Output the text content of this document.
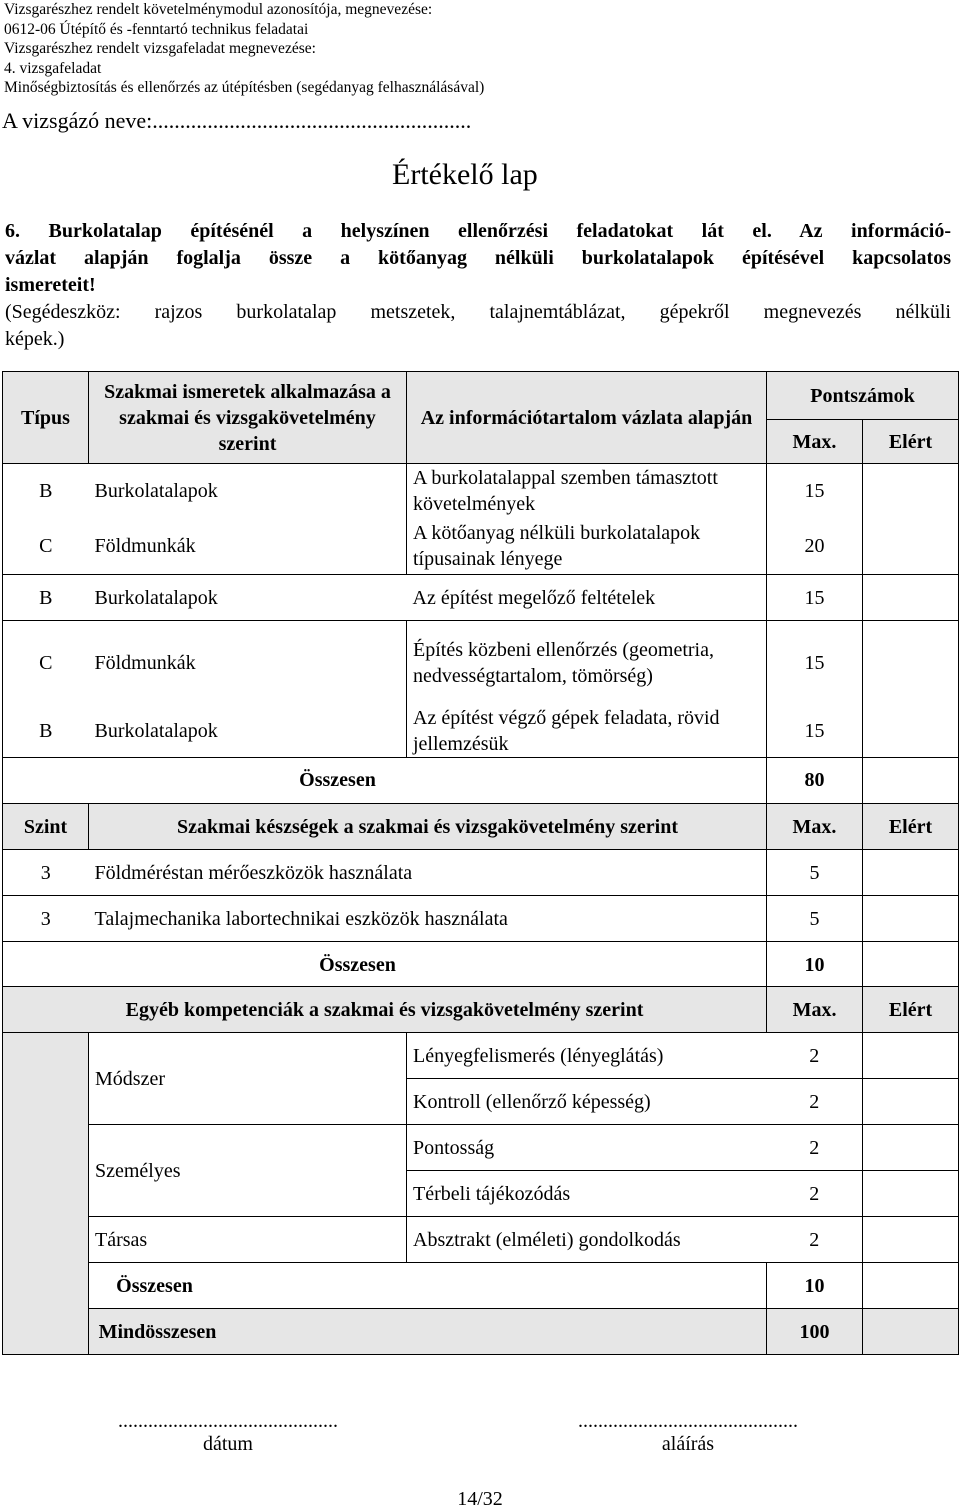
Vizsgarészhez rendelt követelménymodul azonosítója, megnevezése:
0612-06 Útépítő és -fenntartó technikus feladatai
Vizsgarészhez rendelt vizsgafeladat megnevezése:
4. vizsgafeladat
Minőségbiztosítás és ellenőrzés az útépítésben (segédanyag felhasználásával)
A vizsgázó neve:..........................................................
Értékelő lap
6. Burkolatalap építésénél a helyszínen ellenőrzési feladatokat lát el. Az információ-
vázlat alapján foglalja össze a kötőanyag nélküli burkolatalapok építésével kapcsolatos
ismereteit!
(Segédeszköz: rajzos burkolatalap metszetek, talajnemtáblázat, gépekről megnevezés nélküli
képek.)
Típus	Szakmai ismeretek alkalmazása a szakmai és vizsgakövetelmény szerint	Az információtartalom vázlata alapján	Pontszámok	
			Max.	Elért
B	Burkolatalapok	A burkolatalappal szemben támasztott követelmények	15	
C	Földmunkák	A kötőanyag nélküli burkolatalapok típusainak lényege	20	
B	Burkolatalapok	Az építést megelőző feltételek	15	
C	Földmunkák	Építés közbeni ellenőrzés (geometria, nedvességtartalom, tömörség)	15	
B	Burkolatalapok	Az építést végző gépek feladata, rövid jellemzésük	15	
Összesen			80	
Szint	Szakmai készségek a szakmai és vizsgakövetelmény szerint	Max.	Elért
3	Földméréstan mérőeszközök használata	5	
3	Talajmechanika labortechnikai eszközök használata	5	
Összesen		10	
Egyéb kompetenciák a szakmai és vizsgakövetelmény szerint			Max.	Elért
	Módszer	Lényegfelismerés (lényeglátás)	2	
		Kontroll (ellenőrző képesség)	2	
	Személyes	Pontosság	2	
		Térbeli tájékozódás	2	
	Társas	Absztrakt (elméleti) gondolkodás	2	
	Összesen		10	
	Mindösszesen		100	
............................................
dátum
............................................
aláírás
14/32
